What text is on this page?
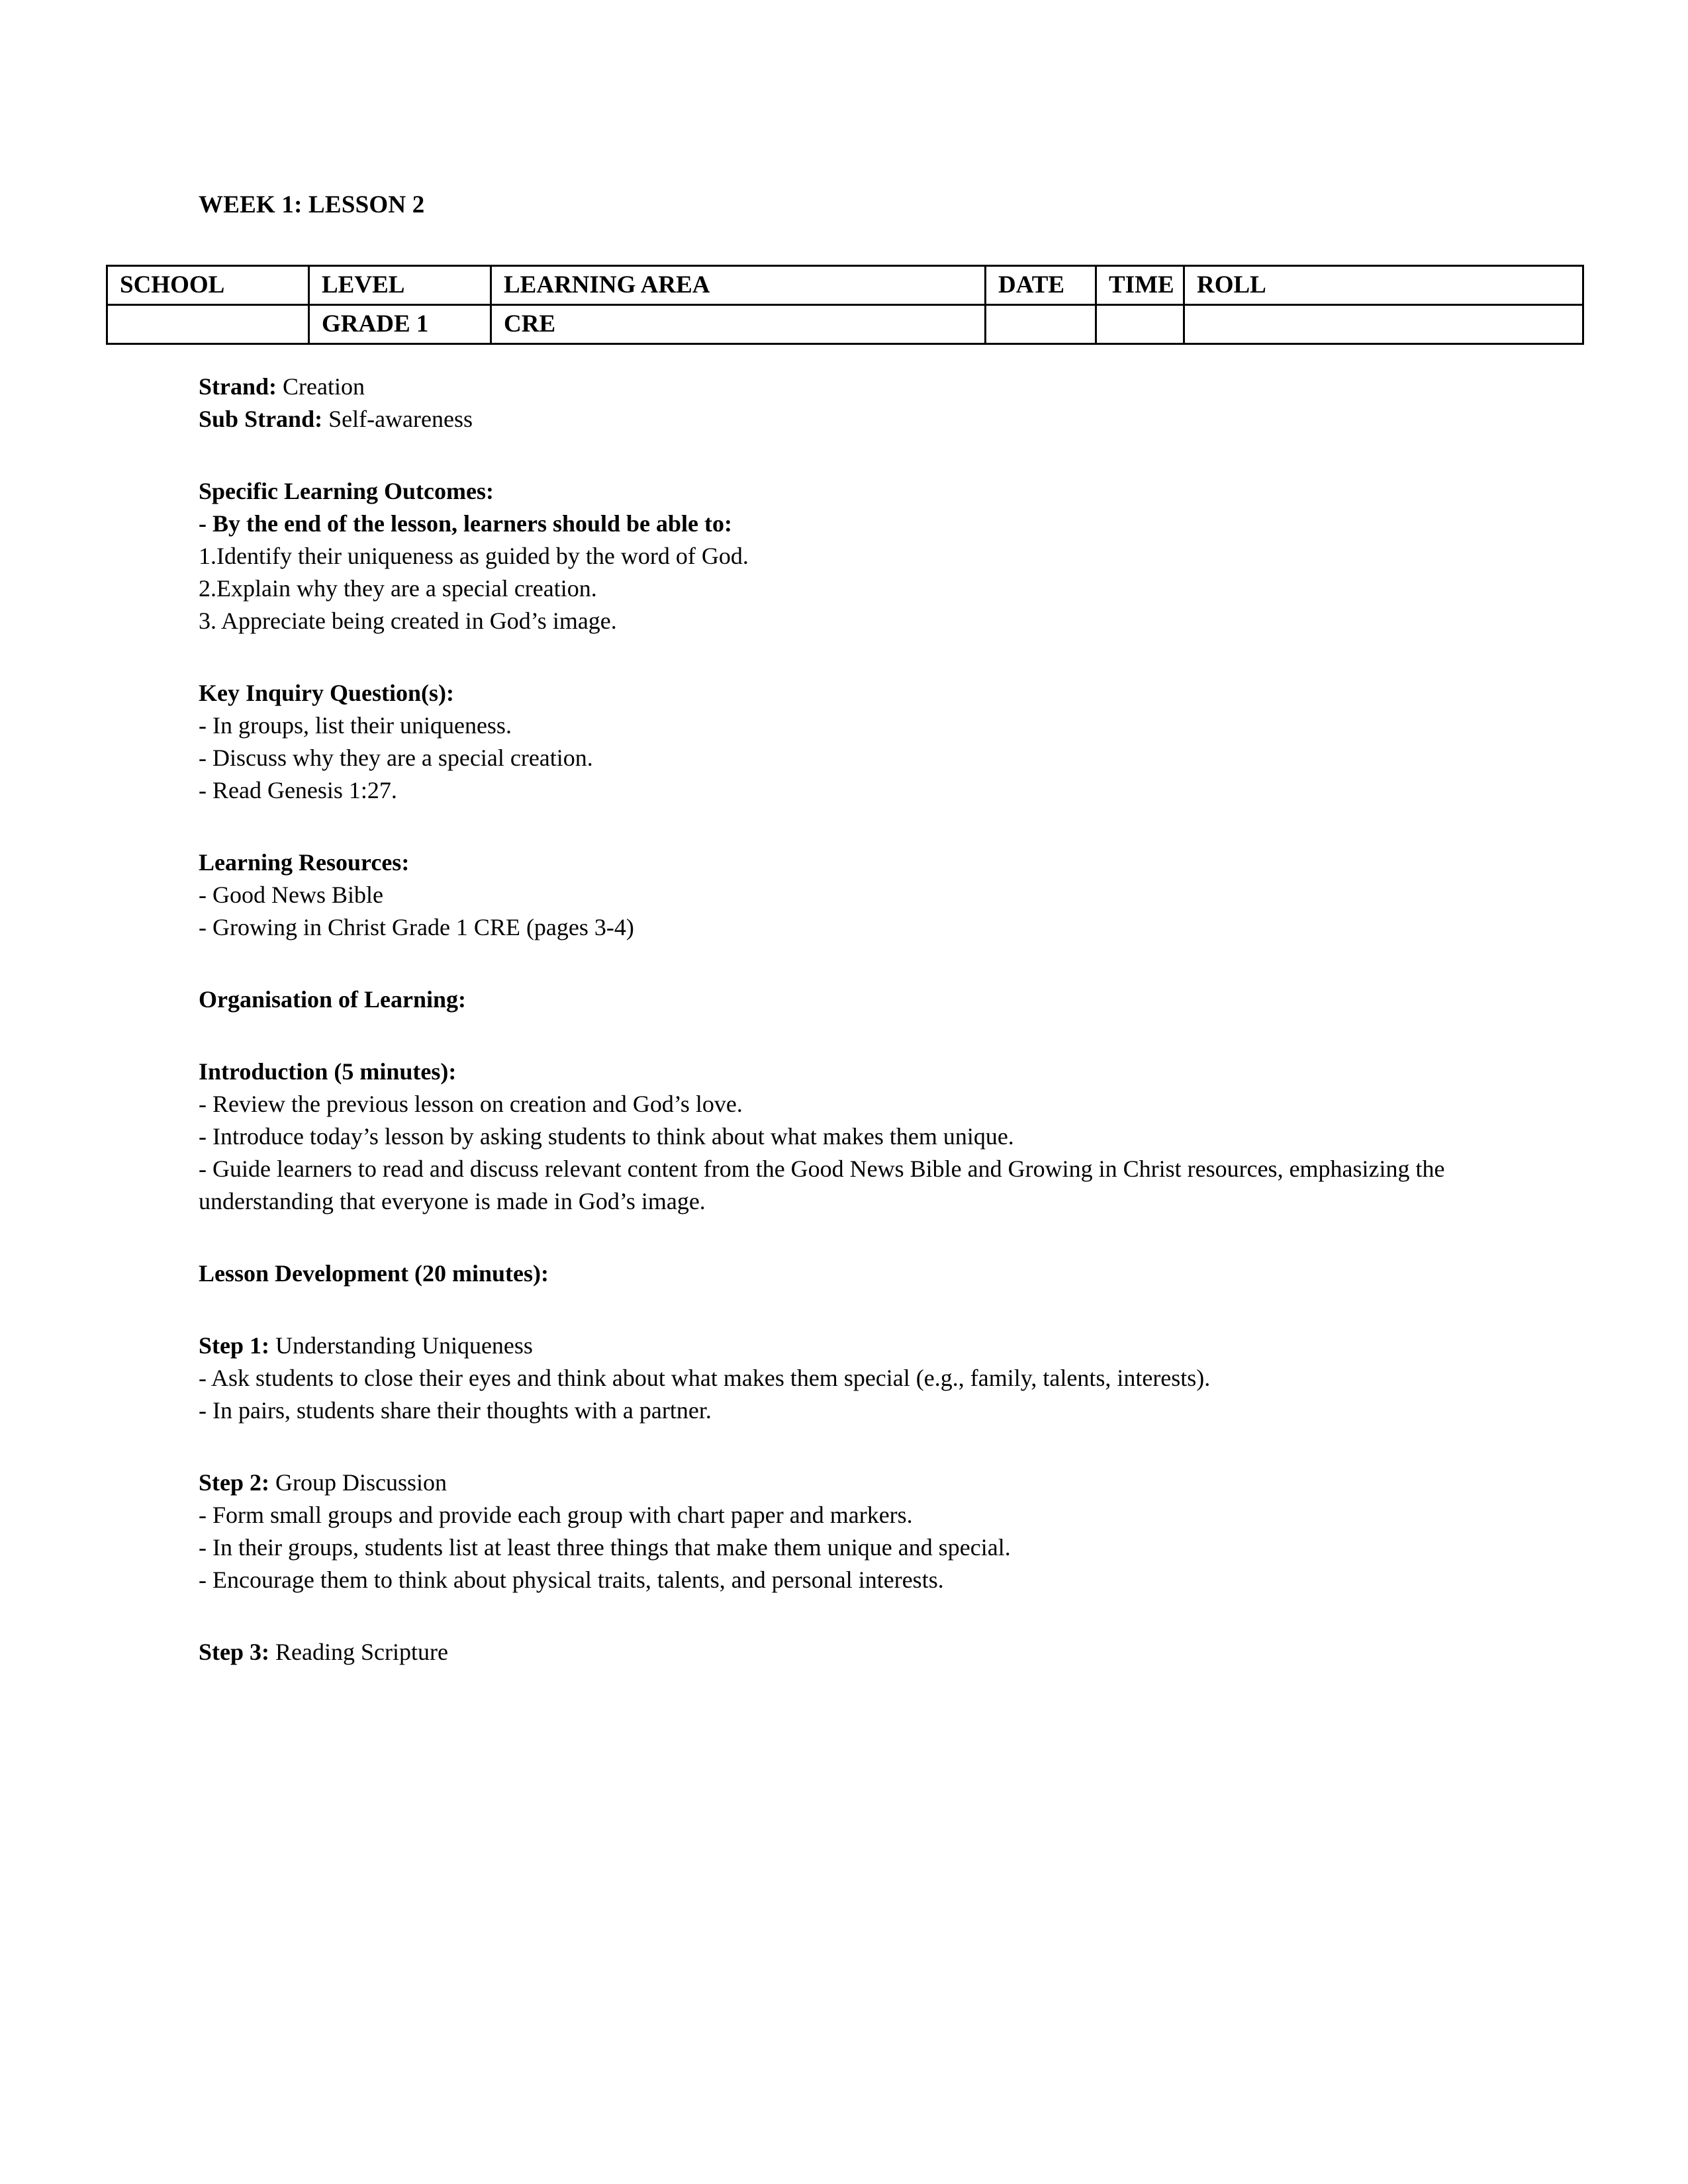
WEEK 1: LESSON 2
SCHOOL	LEVEL	LEARNING AREA	DATE	TIME	ROLL
	GRADE 1	CRE			

Strand: Creation

Sub Strand: Self-awareness

Specific Learning Outcomes:

- By the end of the lesson, learners should be able to:

1.Identify their uniqueness as guided by the word of God.

2.Explain why they are a special creation.

3. Appreciate being created in God’s image.

Key Inquiry Question(s):

- In groups, list their uniqueness.

- Discuss why they are a special creation.

- Read Genesis 1:27.

Learning Resources:

- Good News Bible

- Growing in Christ Grade 1 CRE (pages 3-4)

Organisation of Learning:

Introduction (5 minutes):

- Review the previous lesson on creation and God’s love.

- Introduce today’s lesson by asking students to think about what makes them unique.

- Guide learners to read and discuss relevant content from the Good News Bible and Growing in Christ resources, emphasizing the understanding that everyone is made in God’s image.

Lesson Development (20 minutes):

Step 1: Understanding Uniqueness

- Ask students to close their eyes and think about what makes them special (e.g., family, talents, interests).

- In pairs, students share their thoughts with a partner.

Step 2: Group Discussion

- Form small groups and provide each group with chart paper and markers.

- In their groups, students list at least three things that make them unique and special.

- Encourage them to think about physical traits, talents, and personal interests.

Step 3: Reading Scripture
